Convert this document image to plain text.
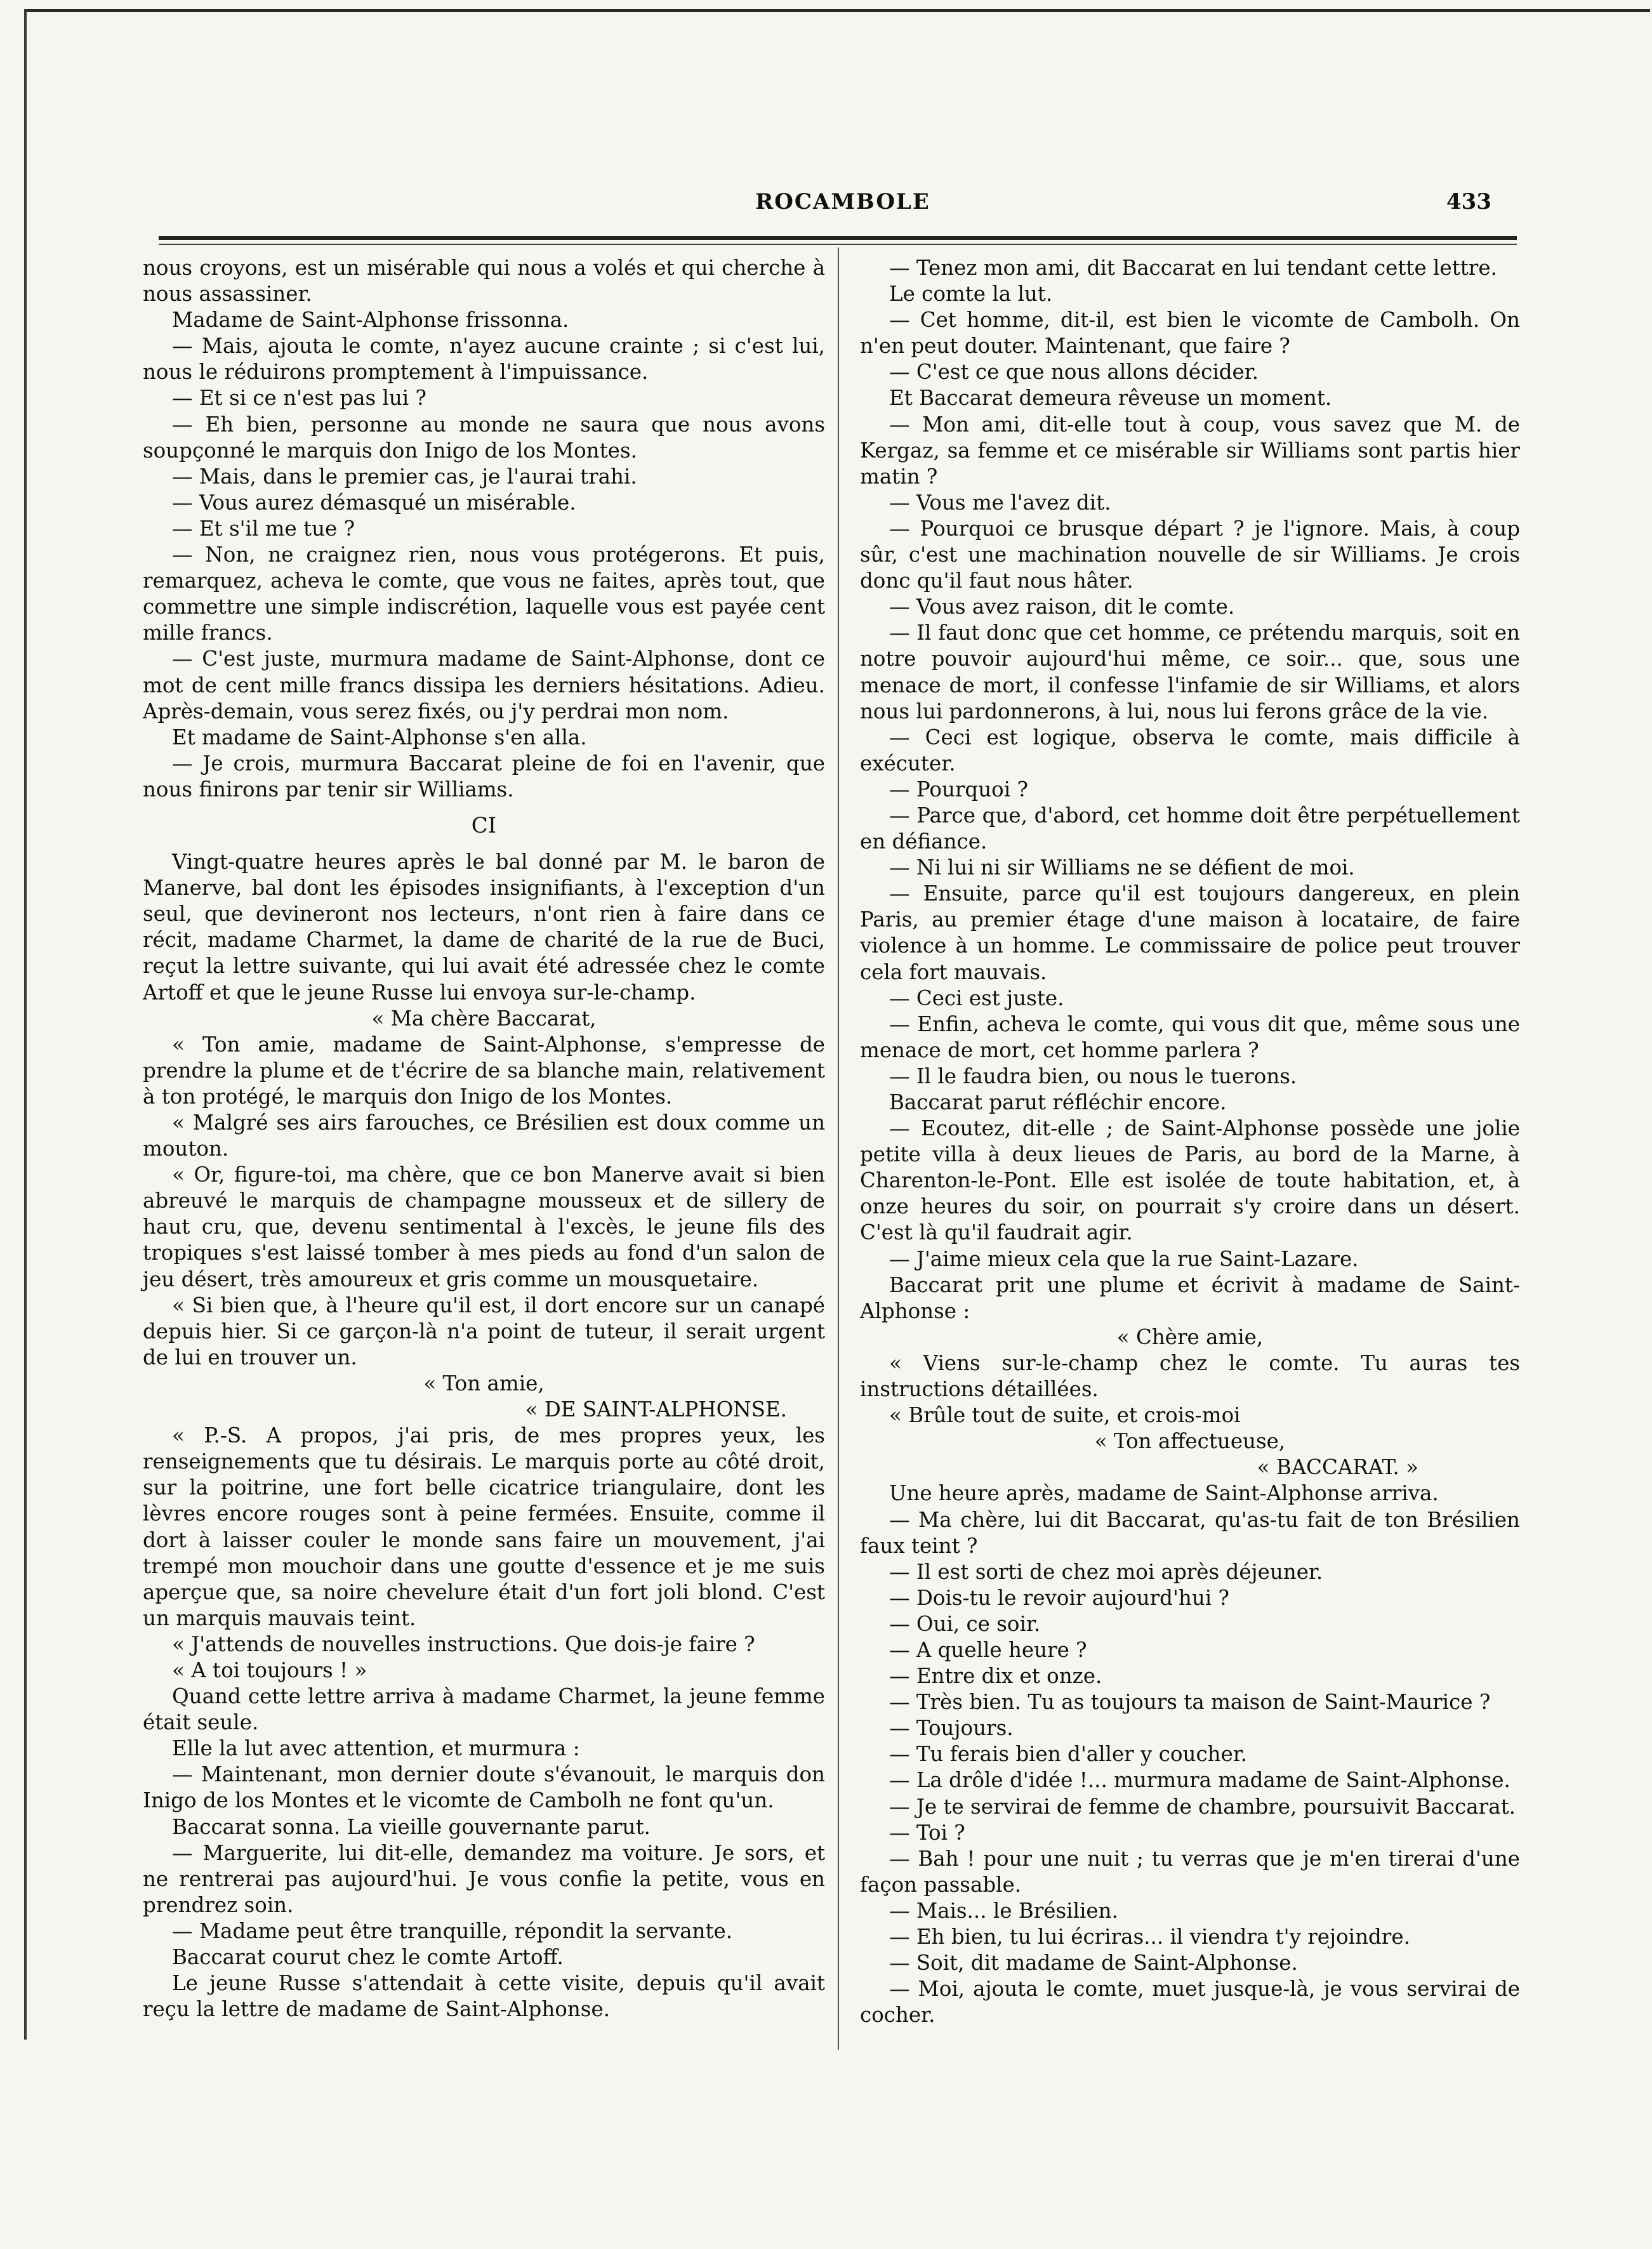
ROCAMBOLE	433

nous croyons, est un misérable qui nous a volés et qui cherche à nous assassiner.

Madame de Saint-Alphonse frissonna.

— Mais, ajouta le comte, n'ayez aucune crainte ; si c'est lui, nous le réduirons promptement à l'impuissance.

— Et si ce n'est pas lui ?

— Eh bien, personne au monde ne saura que nous avons soupçonné le marquis don Inigo de los Montes.

— Mais, dans le premier cas, je l'aurai trahi.

— Vous aurez démasqué un misérable.

— Et s'il me tue ?

— Non, ne craignez rien, nous vous protégerons. Et puis, remarquez, acheva le comte, que vous ne faites, après tout, que commettre une simple indiscrétion, laquelle vous est payée cent mille francs.

— C'est juste, murmura madame de Saint-Alphonse, dont ce mot de cent mille francs dissipa les derniers hésitations. Adieu. Après-demain, vous serez fixés, ou j'y perdrai mon nom.

Et madame de Saint-Alphonse s'en alla.

— Je crois, murmura Baccarat pleine de foi en l'avenir, que nous finirons par tenir sir Williams.

CI

Vingt-quatre heures après le bal donné par M. le baron de Manerve, bal dont les épisodes insignifiants, à l'exception d'un seul, que devineront nos lecteurs, n'ont rien à faire dans ce récit, madame Charmet, la dame de charité de la rue de Buci, reçut la lettre suivante, qui lui avait été adressée chez le comte Artoff et que le jeune Russe lui envoya sur-le-champ.

« Ma chère Baccarat,

« Ton amie, madame de Saint-Alphonse, s'empresse de prendre la plume et de t'écrire de sa blanche main, relativement à ton protégé, le marquis don Inigo de los Montes.

« Malgré ses airs farouches, ce Brésilien est doux comme un mouton.

« Or, figure-toi, ma chère, que ce bon Manerve avait si bien abreuvé le marquis de champagne mousseux et de sillery de haut cru, que, devenu sentimental à l'excès, le jeune fils des tropiques s'est laissé tomber à mes pieds au fond d'un salon de jeu désert, très amoureux et gris comme un mousquetaire.

« Si bien que, à l'heure qu'il est, il dort encore sur un canapé depuis hier. Si ce garçon-là n'a point de tuteur, il serait urgent de lui en trouver un.

« Ton amie,

« DE SAINT-ALPHONSE.

« P.-S. A propos, j'ai pris, de mes propres yeux, les renseignements que tu désirais. Le marquis porte au côté droit, sur la poitrine, une fort belle cicatrice triangulaire, dont les lèvres encore rouges sont à peine fermées. Ensuite, comme il dort à laisser couler le monde sans faire un mouvement, j'ai trempé mon mouchoir dans une goutte d'essence et je me suis aperçue que, sa noire chevelure était d'un fort joli blond. C'est un marquis mauvais teint.

« J'attends de nouvelles instructions. Que dois-je faire ?

« A toi toujours ! »

Quand cette lettre arriva à madame Charmet, la jeune femme était seule.

Elle la lut avec attention, et murmura :

— Maintenant, mon dernier doute s'évanouit, le marquis don Inigo de los Montes et le vicomte de Cambolh ne font qu'un.

Baccarat sonna. La vieille gouvernante parut.

— Marguerite, lui dit-elle, demandez ma voiture. Je sors, et ne rentrerai pas aujourd'hui. Je vous confie la petite, vous en prendrez soin.

— Madame peut être tranquille, répondit la servante.

Baccarat courut chez le comte Artoff.

Le jeune Russe s'attendait à cette visite, depuis qu'il avait reçu la lettre de madame de Saint-Alphonse.

— Tenez mon ami, dit Baccarat en lui tendant cette lettre.

Le comte la lut.

— Cet homme, dit-il, est bien le vicomte de Cambolh. On n'en peut douter. Maintenant, que faire ?

— C'est ce que nous allons décider.

Et Baccarat demeura rêveuse un moment.

— Mon ami, dit-elle tout à coup, vous savez que M. de Kergaz, sa femme et ce misérable sir Williams sont partis hier matin ?

— Vous me l'avez dit.

— Pourquoi ce brusque départ ? je l'ignore. Mais, à coup sûr, c'est une machination nouvelle de sir Williams. Je crois donc qu'il faut nous hâter.

— Vous avez raison, dit le comte.

— Il faut donc que cet homme, ce prétendu marquis, soit en notre pouvoir aujourd'hui même, ce soir... que, sous une menace de mort, il confesse l'infamie de sir Williams, et alors nous lui pardonnerons, à lui, nous lui ferons grâce de la vie.

— Ceci est logique, observa le comte, mais difficile à exécuter.

— Pourquoi ?

— Parce que, d'abord, cet homme doit être perpétuellement en défiance.

— Ni lui ni sir Williams ne se défient de moi.

— Ensuite, parce qu'il est toujours dangereux, en plein Paris, au premier étage d'une maison à locataire, de faire violence à un homme. Le commissaire de police peut trouver cela fort mauvais.

— Ceci est juste.

— Enfin, acheva le comte, qui vous dit que, même sous une menace de mort, cet homme parlera ?

— Il le faudra bien, ou nous le tuerons.

Baccarat parut réfléchir encore.

— Ecoutez, dit-elle ; de Saint-Alphonse possède une jolie petite villa à deux lieues de Paris, au bord de la Marne, à Charenton-le-Pont. Elle est isolée de toute habitation, et, à onze heures du soir, on pourrait s'y croire dans un désert. C'est là qu'il faudrait agir.

— J'aime mieux cela que la rue Saint-Lazare.

Baccarat prit une plume et écrivit à madame de Saint-Alphonse :

« Chère amie,

« Viens sur-le-champ chez le comte. Tu auras tes instructions détaillées.

« Brûle tout de suite, et crois-moi

« Ton affectueuse,

« BACCARAT. »

Une heure après, madame de Saint-Alphonse arriva.

— Ma chère, lui dit Baccarat, qu'as-tu fait de ton Brésilien faux teint ?

— Il est sorti de chez moi après déjeuner.

— Dois-tu le revoir aujourd'hui ?

— Oui, ce soir.

— A quelle heure ?

— Entre dix et onze.

— Très bien. Tu as toujours ta maison de Saint-Maurice ?

— Toujours.

— Tu ferais bien d'aller y coucher.

— La drôle d'idée !... murmura madame de Saint-Alphonse.

— Je te servirai de femme de chambre, poursuivit Baccarat.

— Toi ?

— Bah ! pour une nuit ; tu verras que je m'en tirerai d'une façon passable.

— Mais... le Brésilien.

— Eh bien, tu lui écriras... il viendra t'y rejoindre.

— Soit, dit madame de Saint-Alphonse.

— Moi, ajouta le comte, muet jusque-là, je vous servirai de cocher.
